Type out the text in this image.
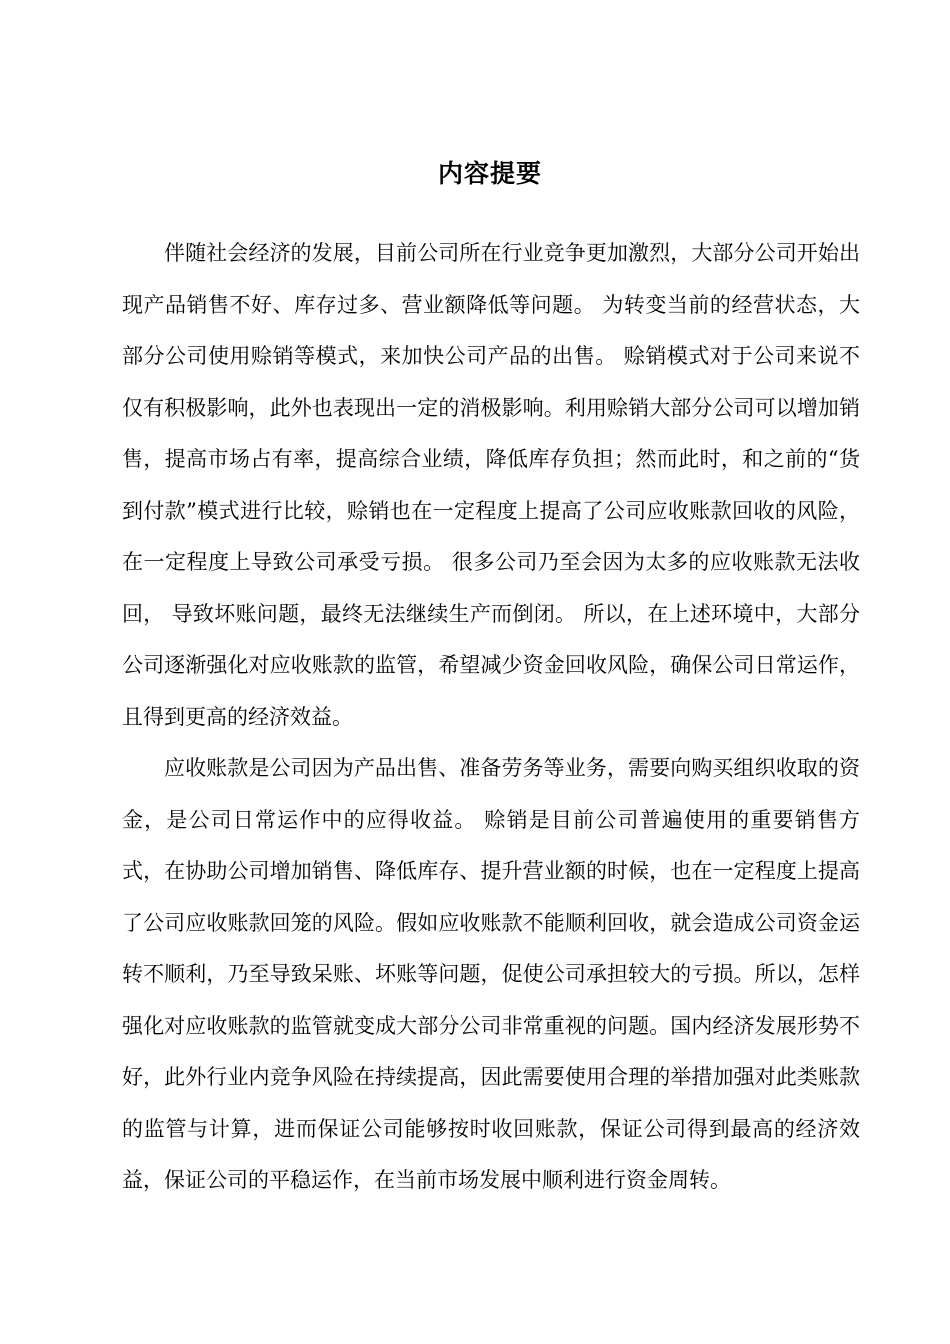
内容提要

伴随社会经济的发展，目前公司所在行业竞争更加激烈，大部分公司开始出现产品销售不好、库存过多、营业额降低等问题。 为转变当前的经营状态，大部分公司使用赊销等模式，来加快公司产品的出售。 赊销模式对于公司来说不仅有积极影响，此外也表现出一定的消极影响。利用赊销大部分公司可以增加销售，提高市场占有率，提高综合业绩，降低库存负担；然而此时，和之前的“货到付款”模式进行比较，赊销也在一定程度上提高了公司应收账款回收的风险，在一定程度上导致公司承受亏损。 很多公司乃至会因为太多的应收账款无法收回， 导致坏账问题，最终无法继续生产而倒闭。 所以，在上述环境中，大部分公司逐渐强化对应收账款的监管，希望减少资金回收风险，确保公司日常运作，且得到更高的经济效益。

应收账款是公司因为产品出售、准备劳务等业务，需要向购买组织收取的资金，是公司日常运作中的应得收益。 赊销是目前公司普遍使用的重要销售方式，在协助公司增加销售、降低库存、提升营业额的时候，也在一定程度上提高了公司应收账款回笼的风险。假如应收账款不能顺利回收，就会造成公司资金运转不顺利，乃至导致呆账、坏账等问题，促使公司承担较大的亏损。所以，怎样强化对应收账款的监管就变成大部分公司非常重视的问题。国内经济发展形势不好，此外行业内竞争风险在持续提高，因此需要使用合理的举措加强对此类账款的监管与计算，进而保证公司能够按时收回账款，保证公司得到最高的经济效益，保证公司的平稳运作，在当前市场发展中顺利进行资金周转。
